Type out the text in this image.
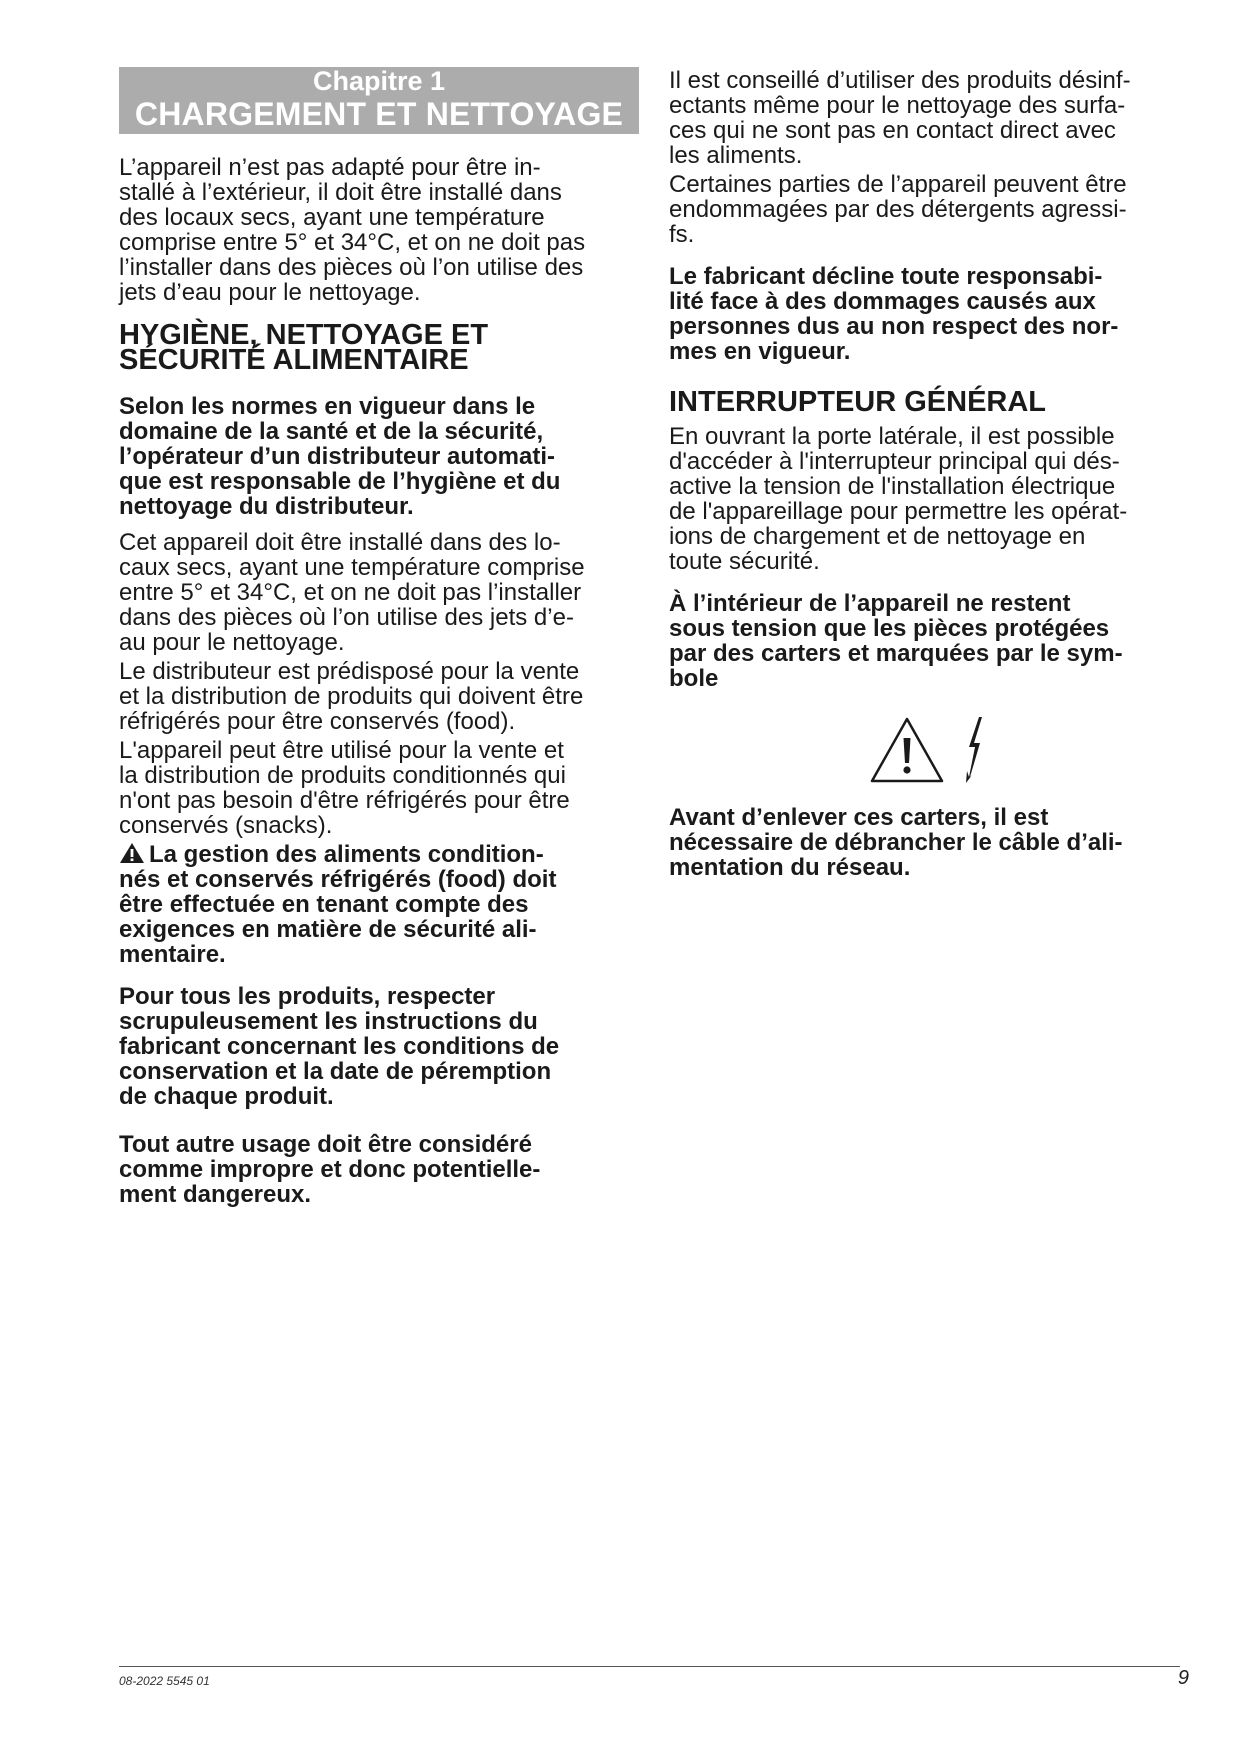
Chapitre 1
CHARGEMENT ET NETTOYAGE

L’appareil n’est pas adapté pour être in-
stallé à l’extérieur, il doit être installé dans
des locaux secs, ayant une température
comprise entre 5° et 34°C, et on ne doit pas
l’installer dans des pièces où l’on utilise des
jets d’eau pour le nettoyage.

HYGIÈNE, NETTOYAGE ET
SÉCURITÉ ALIMENTAIRE

Selon les normes en vigueur dans le
domaine de la santé et de la sécurité,
l’opérateur d’un distributeur automati-
que est responsable de l’hygiène et du
nettoyage du distributeur.

Cet appareil doit être installé dans des lo-
caux secs, ayant une température comprise
entre 5° et 34°C, et on ne doit pas l’installer
dans des pièces où l’on utilise des jets d’e-
au pour le nettoyage.

Le distributeur est prédisposé pour la vente
et la distribution de produits qui doivent être
réfrigérés pour être conservés (food).

L'appareil peut être utilisé pour la vente et
la distribution de produits conditionnés qui
n'ont pas besoin d'être réfrigérés pour être
conservés (snacks).

La gestion des aliments condition-
nés et conservés réfrigérés (food) doit
être effectuée en tenant compte des
exigences en matière de sécurité ali-
mentaire.

Pour tous les produits, respecter
scrupuleusement les instructions du
fabricant concernant les conditions de
conservation et la date de péremption
de chaque produit.

Tout autre usage doit être considéré
comme impropre et donc potentielle-
ment dangereux.

Il est conseillé d’utiliser des produits désinf-
ectants même pour le nettoyage des surfa-
ces qui ne sont pas en contact direct avec
les aliments.

Certaines parties de l’appareil peuvent être
endommagées par des détergents agressi-
fs.

Le fabricant décline toute responsabi-
lité face à des dommages causés aux
personnes dus au non respect des nor-
mes en vigueur.

INTERRUPTEUR GÉNÉRAL

En ouvrant la porte latérale, il est possible
d'accéder à l'interrupteur principal qui dés-
active la tension de l'installation électrique
de l'appareillage pour permettre les opérat-
ions de chargement et de nettoyage en
toute sécurité.

À l’intérieur de l’appareil ne restent
sous tension que les pièces protégées
par des carters et marquées par le sym-
bole

Avant d’enlever ces carters, il est
nécessaire de débrancher le câble d’ali-
mentation du réseau.

08-2022 5545 01	9
